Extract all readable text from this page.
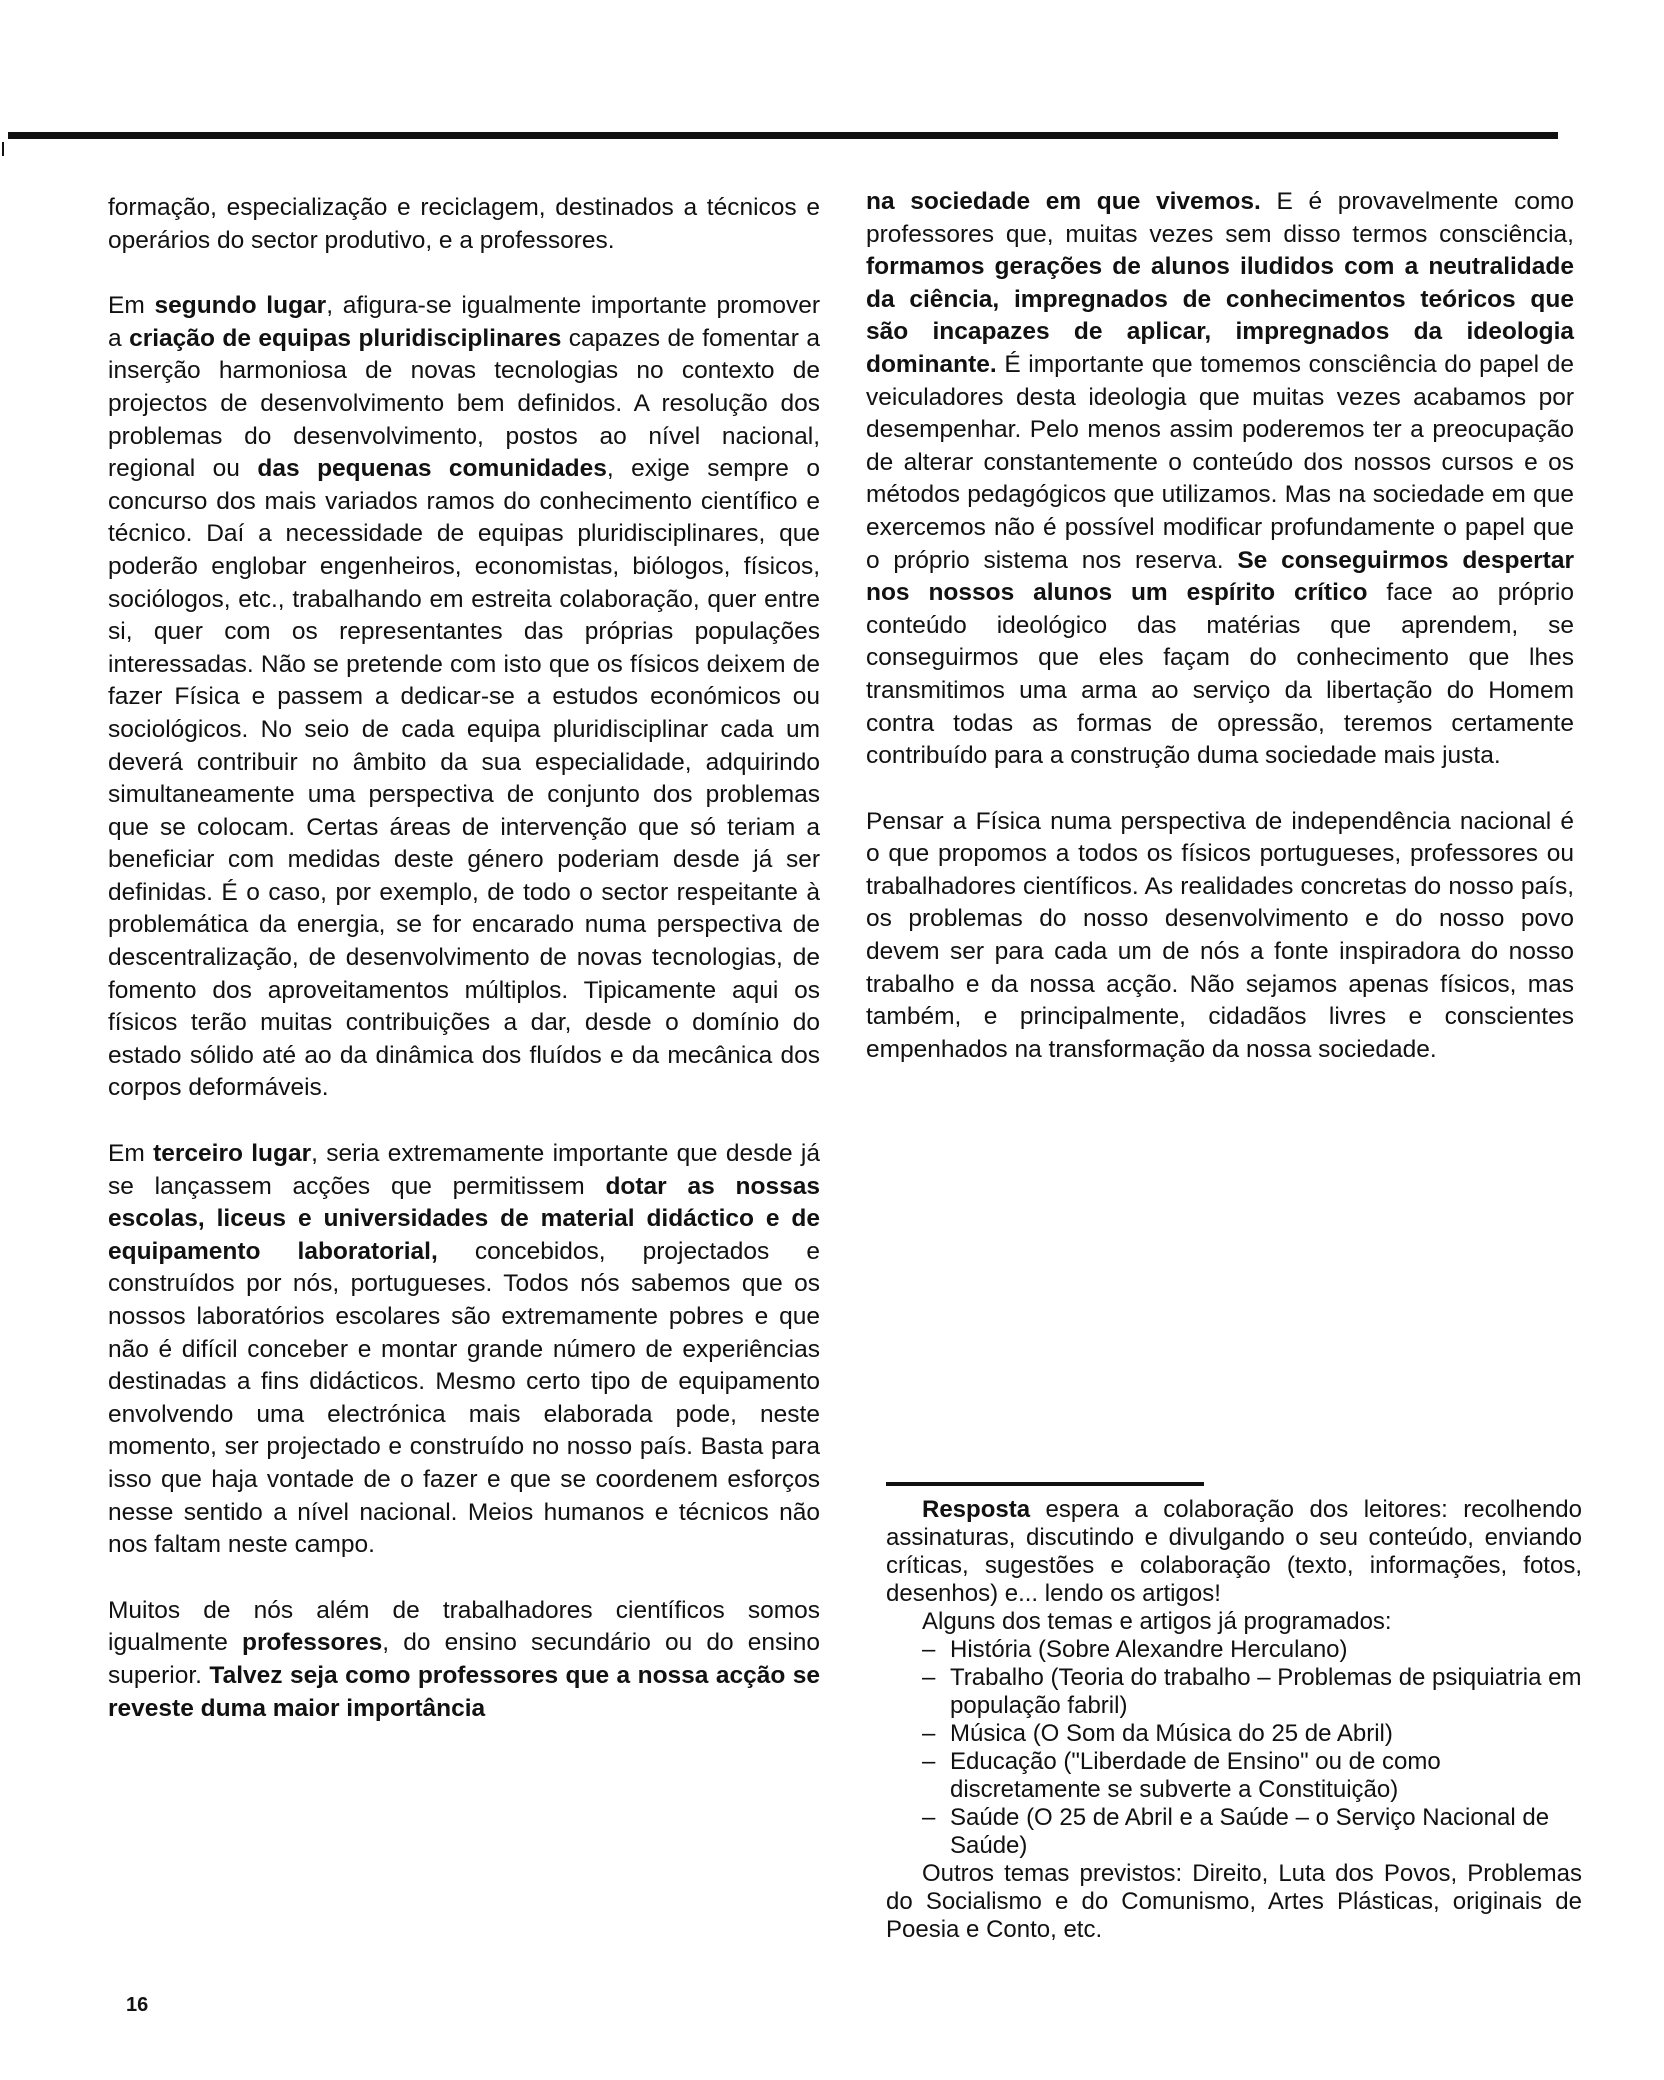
formação, especialização e reciclagem, destinados a técnicos e operários do sector produtivo, e a professores.

Em segundo lugar, afigura-se igualmente importante promover a criação de equipas pluridisciplinares capazes de fomentar a inserção harmoniosa de novas tecnologias no contexto de projectos de desenvolvimento bem definidos. A resolução dos problemas do desenvolvimento, postos ao nível nacional, regional ou das pequenas comunidades, exige sempre o concurso dos mais variados ramos do conhecimento científico e técnico. Daí a necessidade de equipas pluridisciplinares, que poderão englobar engenheiros, economistas, biólogos, físicos, sociólogos, etc., trabalhando em estreita colaboração, quer entre si, quer com os representantes das próprias populações interessadas. Não se pretende com isto que os físicos deixem de fazer Física e passem a dedicar-se a estudos económicos ou sociológicos. No seio de cada equipa pluridisciplinar cada um deverá contribuir no âmbito da sua especialidade, adquirindo simultaneamente uma perspectiva de conjunto dos problemas que se colocam. Certas áreas de intervenção que só teriam a beneficiar com medidas deste género poderiam desde já ser definidas. É o caso, por exemplo, de todo o sector respeitante à problemática da energia, se for encarado numa perspectiva de descentralização, de desenvolvimento de novas tecnologias, de fomento dos aproveitamentos múltiplos. Tipicamente aqui os físicos terão muitas contribuições a dar, desde o domínio do estado sólido até ao da dinâmica dos fluídos e da mecânica dos corpos deformáveis.

Em terceiro lugar, seria extremamente importante que desde já se lançassem acções que permitissem dotar as nossas escolas, liceus e universidades de material didáctico e de equipamento laboratorial, concebidos, projectados e construídos por nós, portugueses. Todos nós sabemos que os nossos laboratórios escolares são extremamente pobres e que não é difícil conceber e montar grande número de experiências destinadas a fins didácticos. Mesmo certo tipo de equipamento envolvendo uma electrónica mais elaborada pode, neste momento, ser projectado e construído no nosso país. Basta para isso que haja vontade de o fazer e que se coordenem esforços nesse sentido a nível nacional. Meios humanos e técnicos não nos faltam neste campo.

Muitos de nós além de trabalhadores científicos somos igualmente professores, do ensino secundário ou do ensino superior. Talvez seja como professores que a nossa acção se reveste duma maior importância

na sociedade em que vivemos. E é provavelmente como professores que, muitas vezes sem disso termos consciência, formamos gerações de alunos iludidos com a neutralidade da ciência, impregnados de conhecimentos teóricos que são incapazes de aplicar, impregnados da ideologia dominante. É importante que tomemos consciência do papel de veiculadores desta ideologia que muitas vezes acabamos por desempenhar. Pelo menos assim poderemos ter a preocupação de alterar constantemente o conteúdo dos nossos cursos e os métodos pedagógicos que utilizamos. Mas na sociedade em que exercemos não é possível modificar profundamente o papel que o próprio sistema nos reserva. Se conseguirmos despertar nos nossos alunos um espírito crítico face ao próprio conteúdo ideológico das matérias que aprendem, se conseguirmos que eles façam do conhecimento que lhes transmitimos uma arma ao serviço da libertação do Homem contra todas as formas de opressão, teremos certamente contribuído para a construção duma sociedade mais justa.

Pensar a Física numa perspectiva de independência nacional é o que propomos a todos os físicos portugueses, professores ou trabalhadores científicos. As realidades concretas do nosso país, os problemas do nosso desenvolvimento e do nosso povo devem ser para cada um de nós a fonte inspiradora do nosso trabalho e da nossa acção. Não sejamos apenas físicos, mas também, e principalmente, cidadãos livres e conscientes empenhados na transformação da nossa sociedade.

Resposta espera a colaboração dos leitores: recolhendo assinaturas, discutindo e divulgando o seu conteúdo, enviando críticas, sugestões e colaboração (texto, informações, fotos, desenhos) e... lendo os artigos!

Alguns dos temas e artigos já programados:

– História (Sobre Alexandre Herculano)
– Trabalho (Teoria do trabalho – Problemas de psiquiatria em população fabril)
– Música (O Som da Música do 25 de Abril)
– Educação ("Liberdade de Ensino" ou de como discretamente se subverte a Constituição)
– Saúde (O 25 de Abril e a Saúde – o Serviço Nacional de Saúde)

Outros temas previstos: Direito, Luta dos Povos, Problemas do Socialismo e do Comunismo, Artes Plásticas, originais de Poesia e Conto, etc.

16
